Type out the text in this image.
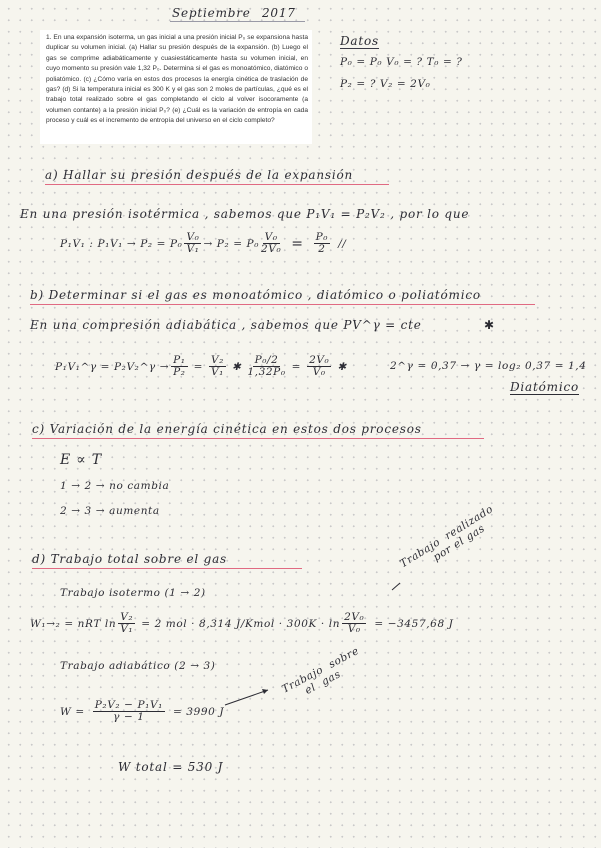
Septiembre 2017
1. En una expansión isoterma, un gas inicial a una presión inicial P₀ se expansiona hasta duplicar su volumen inicial. (a) Hallar su presión después de la expansión. (b) Luego el gas se comprime adiabáticamente y cuasiestáticamente hasta su volumen inicial, en cuyo momento su presión vale 1,32 P₀. Determina si el gas es monoatómico, diatómico o poliatómico. (c) ¿Cómo varía en estos dos procesos la energía cinética de traslación de gas? (d) Si la temperatura inicial es 300 K y el gas son 2 moles de partículas, ¿qué es el trabajo total realizado sobre el gas completando el ciclo al volver isocoramente (a volumen contante) a la presión inicial P₀? (e) ¿Cuál es la variación de entropía en cada proceso y cuál es el incremento de entropía del universo en el ciclo completo?
Datos
P₀ = P₀ V₀ = ? T₀ = ?
P₂ = ? V₂ = 2V₀
a) Hallar su presión después de la expansión
En una presión isotérmica , sabemos que P₁V₁ = P₂V₂ , por lo que
P₁V₁ : $P_1V_1 \to P_2 = P_0 \frac{\text{V₀}}{\text{V₁}} \to P_2 = P_0 \frac{\text{V₀}}{\text{2V₀}} = \frac{\text{P₀}}{2}$ //
b) Determinar si el gas es monoatómico , diatómico o poliatómico
En una compresión adiabática , sabemos que PV^γ = cte	✱
P₁V₁^γ = P₂V₂^γ → $\frac{\text{P₁}}{\text{P₂}} = \frac{\text{V₂}}{\text{V₁}}$ ✱ $\frac{\text{P₀/2}}{\text{1,32P₀}} = \frac{\text{2V₀}}{\text{V₀}}$ ✱	2^γ = 0,37 → γ = log₂ 0,37 = 1,4
Diatómico
c) Variación de la energía cinética en estos dos procesos
E ∝ T
1 → 2 → no cambia
2 → 3 → aumenta
d) Trabajo total sobre el gas	Trabajo  realizado
por el gas
Trabajo isotermo (1 → 2)
W₁→₂ = nRT $\ln \frac{\text{V₂}}{\text{V₁}} = 2$ mol · 8,314 J/Kmol · $300K \cdot \ln \frac{\text{2V₀}}{\text{V₀}} = -3457,68$ J
Trabajo adiabático (2 → 3)	Trabajo  sobre
el  gas
$W = \frac{\text{P₂V₂ − P₁V₁}}{\gamma - 1} = 3990$ J
W total = 530 J
